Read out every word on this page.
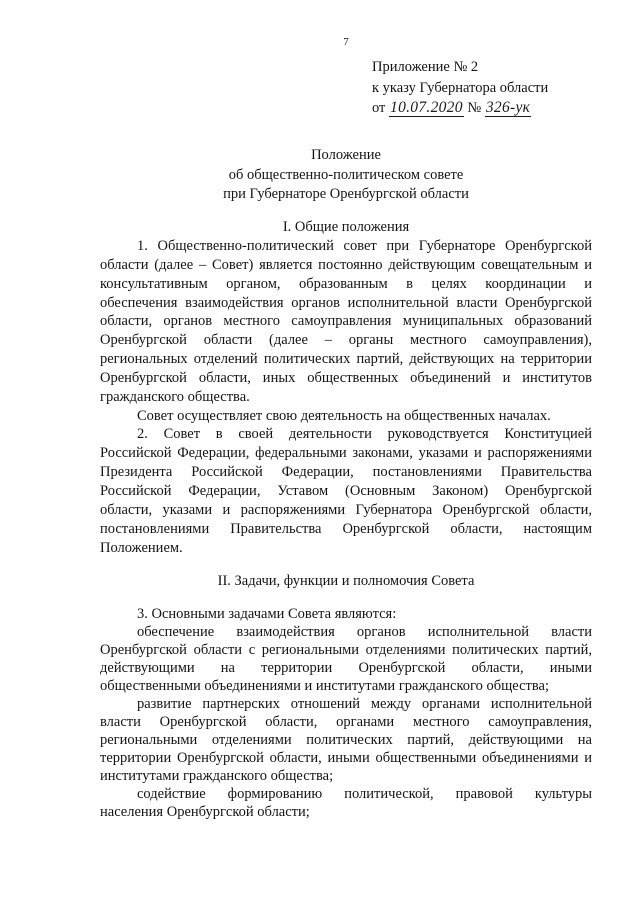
7
Приложение № 2
к указу Губернатора области
от 10.07.2020 № 326-ук
Положение
об общественно-политическом совете
при Губернаторе Оренбургской области
I. Общие положения
1. Общественно-политический совет при Губернаторе Оренбургской
области (далее – Совет) является постоянно действующим совещательным и
консультативным органом, образованным в целях координации и
обеспечения взаимодействия органов исполнительной власти Оренбургской
области, органов местного самоуправления муниципальных образований
Оренбургской области (далее – органы местного самоуправления),
региональных отделений политических партий, действующих на территории
Оренбургской области, иных общественных объединений и институтов
гражданского общества.
Совет осуществляет свою деятельность на общественных началах.
2. Совет в своей деятельности руководствуется Конституцией
Российской Федерации, федеральными законами, указами и распоряжениями
Президента Российской Федерации, постановлениями Правительства
Российской Федерации, Уставом (Основным Законом) Оренбургской
области, указами и распоряжениями Губернатора Оренбургской области,
постановлениями Правительства Оренбургской области, настоящим
Положением.
II. Задачи, функции и полномочия Совета
3. Основными задачами Совета являются:
обеспечение взаимодействия органов исполнительной власти
Оренбургской области с региональными отделениями политических партий,
действующими на территории Оренбургской области, иными
общественными объединениями и институтами гражданского общества;
развитие партнерских отношений между органами исполнительной
власти Оренбургской области, органами местного самоуправления,
региональными отделениями политических партий, действующими на
территории Оренбургской области, иными общественными объединениями и
институтами гражданского общества;
содействие формированию политической, правовой культуры
населения Оренбургской области;
